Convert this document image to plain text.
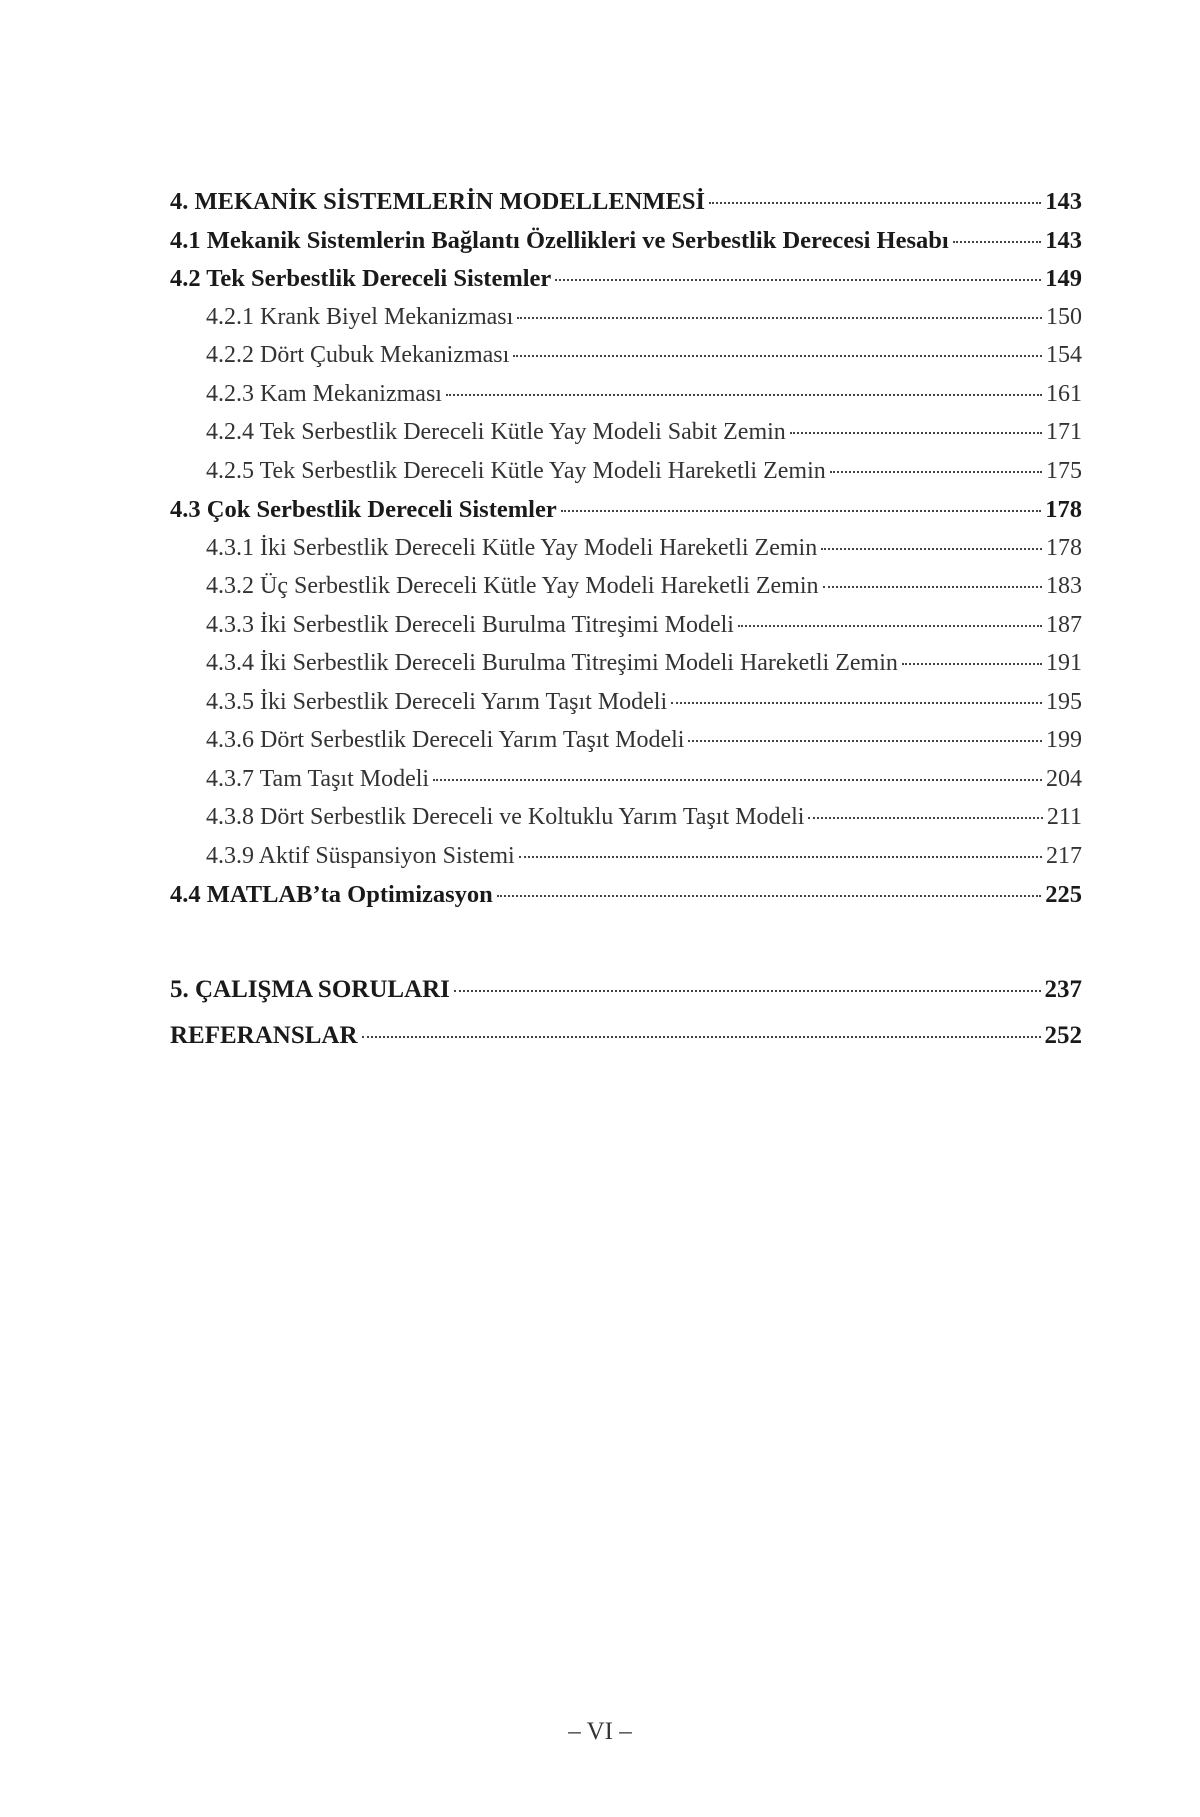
4. MEKANİK SİSTEMLERİN MODELLENMESİ	143
4.1 Mekanik Sistemlerin Bağlantı Özellikleri ve Serbestlik Derecesi Hesabı	143
4.2 Tek Serbestlik Dereceli Sistemler	149
4.2.1 Krank Biyel Mekanizması	150
4.2.2 Dört Çubuk Mekanizması	154
4.2.3 Kam Mekanizması	161
4.2.4 Tek Serbestlik Dereceli Kütle Yay Modeli Sabit Zemin	171
4.2.5 Tek Serbestlik Dereceli Kütle Yay Modeli Hareketli Zemin	175
4.3 Çok Serbestlik Dereceli Sistemler	178
4.3.1 İki Serbestlik Dereceli Kütle Yay Modeli Hareketli Zemin	178
4.3.2 Üç Serbestlik Dereceli Kütle Yay Modeli Hareketli Zemin	183
4.3.3 İki Serbestlik Dereceli Burulma Titreşimi Modeli	187
4.3.4 İki Serbestlik Dereceli Burulma Titreşimi Modeli Hareketli Zemin	191
4.3.5 İki Serbestlik Dereceli Yarım Taşıt Modeli	195
4.3.6 Dört Serbestlik Dereceli Yarım Taşıt Modeli	199
4.3.7 Tam Taşıt Modeli	204
4.3.8 Dört Serbestlik Dereceli ve Koltuklu Yarım Taşıt Modeli	211
4.3.9 Aktif Süspansiyon Sistemi	217
4.4 MATLAB’ta Optimizasyon	225
5. ÇALIŞMA SORULARI	237
REFERANSLAR	252
– VI –
